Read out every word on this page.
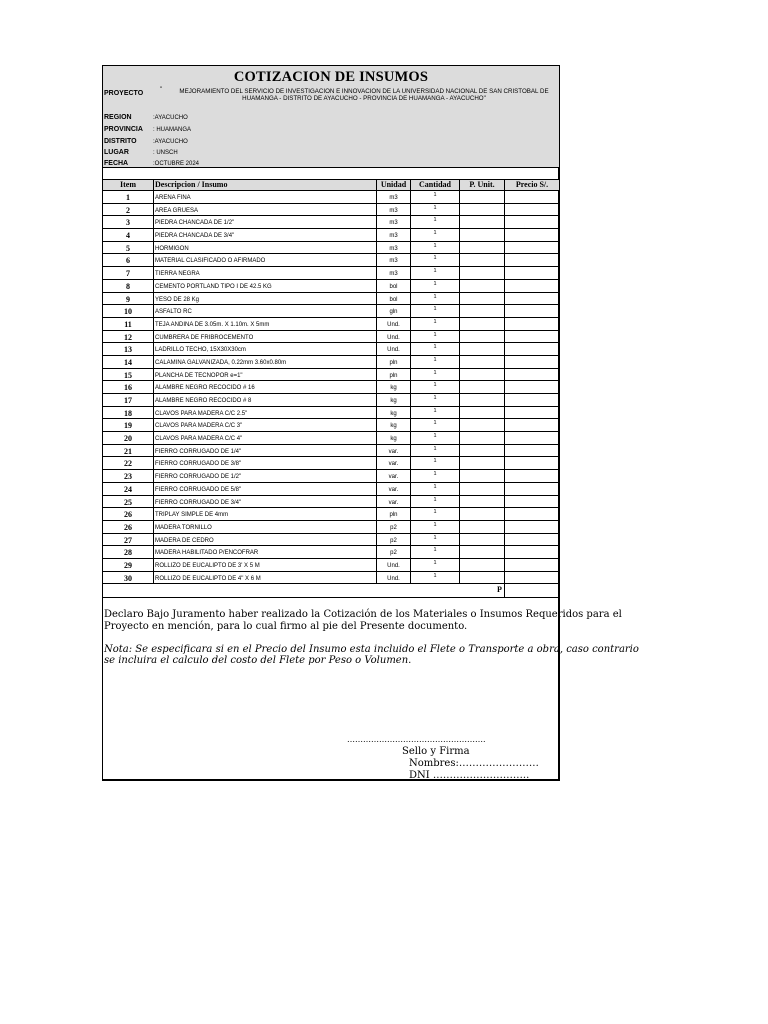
COTIZACION DE INSUMOS
PROYECTO	"	MEJORAMIENTO DEL SERVICIO DE INVESTIGACION E INNOVACION DE LA UNIVERSIDAD NACIONAL DE SAN CRISTOBAL DE
HUAMANGA - DISTRITO DE AYACUCHO - PROVINCIA DE HUAMANGA - AYACUCHO"
REGION	:AYACUCHO
PROVINCIA : HUAMANGA
DISTRITO	:AYACUCHO
LUGAR	: UNSCH
FECHA	:OCTUBRE 2024
Item	Descripcion / Insumo	Unidad	Cantidad	P. Unit.	Precio S/.
1	ARENA FINA	m3	1
2	AREA GRUESA	m3	1
3	PIEDRA CHANCADA DE 1/2"	m3	1
4	PIEDRA CHANCADA DE 3/4"	m3	1
5	HORMIGON	m3	1
6	MATERIAL CLASIFICADO O AFIRMADO	m3	1
7	TIERRA NEGRA	m3	1
8	CEMENTO PORTLAND TIPO I DE 42.5 KG	bol	1
9	YESO DE 28 Kg	bol	1
10	ASFALTO RC	gln	1
11	TEJA ANDINA DE 3.05m. X 1.10m. X 5mm	Und.	1
12	CUMBRERA DE FRIBROCEMENTO	Und.	1
13	LADRILLO TECHO, 15X30X30cm	Und.	1
14	CALAMINA GALVANIZADA, 0.22mm 3.60x0.80m	pln	1
15	PLANCHA DE TECNOPOR e=1"	pln	1
16	ALAMBRE NEGRO RECOCIDO # 16	kg	1
17	ALAMBRE NEGRO RECOCIDO # 8	kg	1
18	CLAVOS PARA MADERA C/C 2.5"	kg	1
19	CLAVOS PARA MADERA C/C 3"	kg	1
20	CLAVOS PARA MADERA C/C 4"	kg	1
21	FIERRO CORRUGADO DE 1/4"	var.	1
22	FIERRO CORRUGADO DE 3/8"	var.	1
23	FIERRO CORRUGADO DE 1/2"	var.	1
24	FIERRO CORRUGADO DE 5/8"	var.	1
25	FIERRO CORRUGADO DE 3/4"	var.	1
26	TRIPLAY SIMPLE DE 4mm	pln	1
26	MADERA TORNILLO	p2	1
27	MADERA DE CEDRO	p2	1
28	MADERA HABILITADO P/ENCOFRAR	p2	1
29	ROLLIZO DE EUCALIPTO DE 3' X 5 M	Und.	1
30	ROLLIZO DE EUCALIPTO DE 4" X 6 M	Und.	1
P
Declaro Bajo Juramento haber realizado la Cotización de los Materiales o Insumos Requeridos para el
Proyecto en mención, para lo cual firmo al pie del Presente documento.
Nota: Se especificara si en el Precio del Insumo esta incluido el Flete o Transporte a obra, caso contrario
se incluira el calculo del costo del Flete por Peso o Volumen.
…………………………………………….
Sello y Firma
Nombres:……………………
DNI ………………………..
